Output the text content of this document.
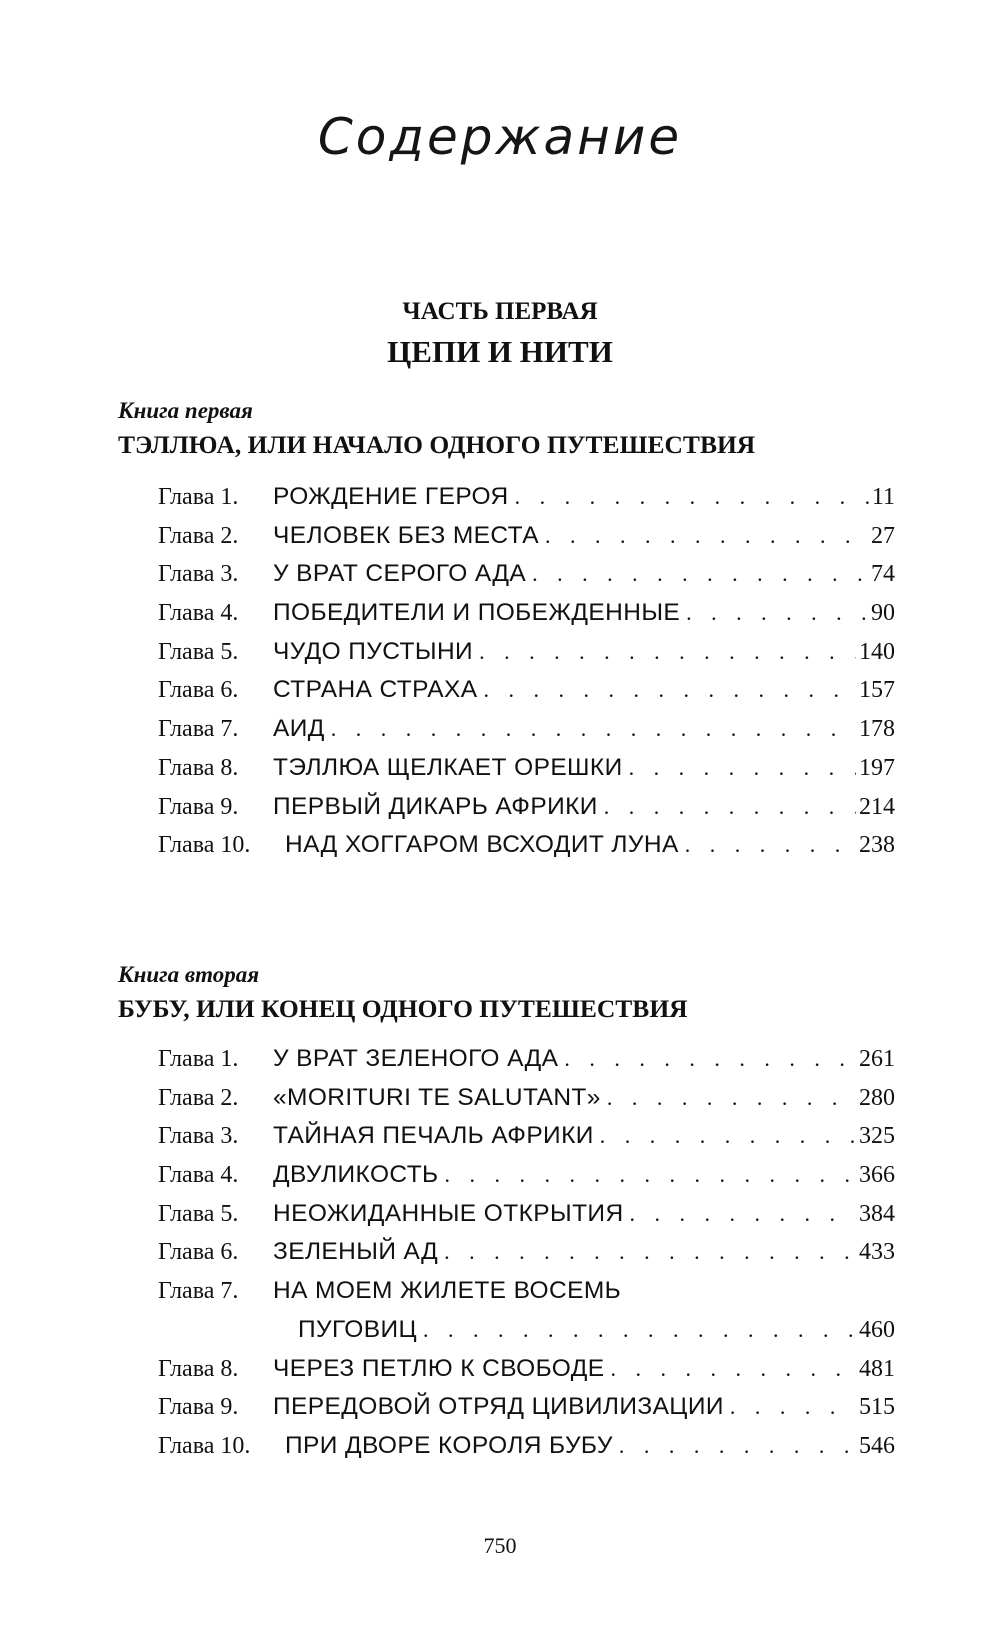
Содержание
ЧАСТЬ ПЕРВАЯ
ЦЕПИ И НИТИ
Книга первая
ТЭЛЛЮА, ИЛИ НАЧАЛО ОДНОГО ПУТЕШЕСТВИЯ
Глава 1. РОЖДЕНИЕ ГЕРОЯ . . .	11
Глава 2. ЧЕЛОВЕК БЕЗ МЕСТА . . .	27
Глава 3. У ВРАТ СЕРОГО АДА . . .	74
Глава 4. ПОБЕДИТЕЛИ И ПОБЕЖДЕННЫЕ . . .	90
Глава 5. ЧУДО ПУСТЫНИ . . .	140
Глава 6. СТРАНА СТРАХА . . .	157
Глава 7. АИД . . .	178
Глава 8. ТЭЛЛЮА ЩЕЛКАЕТ ОРЕШКИ . . .	197
Глава 9. ПЕРВЫЙ ДИКАРЬ АФРИКИ . . .	214
Глава 10. НАД ХОГГАРОМ ВСХОДИТ ЛУНА . . .	238
Книга вторая
БУБУ, ИЛИ КОНЕЦ ОДНОГО ПУТЕШЕСТВИЯ
Глава 1. У ВРАТ ЗЕЛЕНОГО АДА . . .	261
Глава 2. «MORITURI TE SALUTANT» . . .	280
Глава 3. ТАЙНАЯ ПЕЧАЛЬ АФРИКИ . . .	325
Глава 4. ДВУЛИКОСТЬ . . .	366
Глава 5. НЕОЖИДАННЫЕ ОТКРЫТИЯ . . .	384
Глава 6. ЗЕЛЕНЫЙ АД . . .	433
Глава 7. НА МОЕМ ЖИЛЕТЕ ВОСЕМЬ
ПУГОВИЦ . . .	460
Глава 8. ЧЕРЕЗ ПЕТЛЮ К СВОБОДЕ . . .	481
Глава 9. ПЕРЕДОВОЙ ОТРЯД ЦИВИЛИЗАЦИИ . . .	515
Глава 10. ПРИ ДВОРЕ КОРОЛЯ БУБУ . . .	546
750
